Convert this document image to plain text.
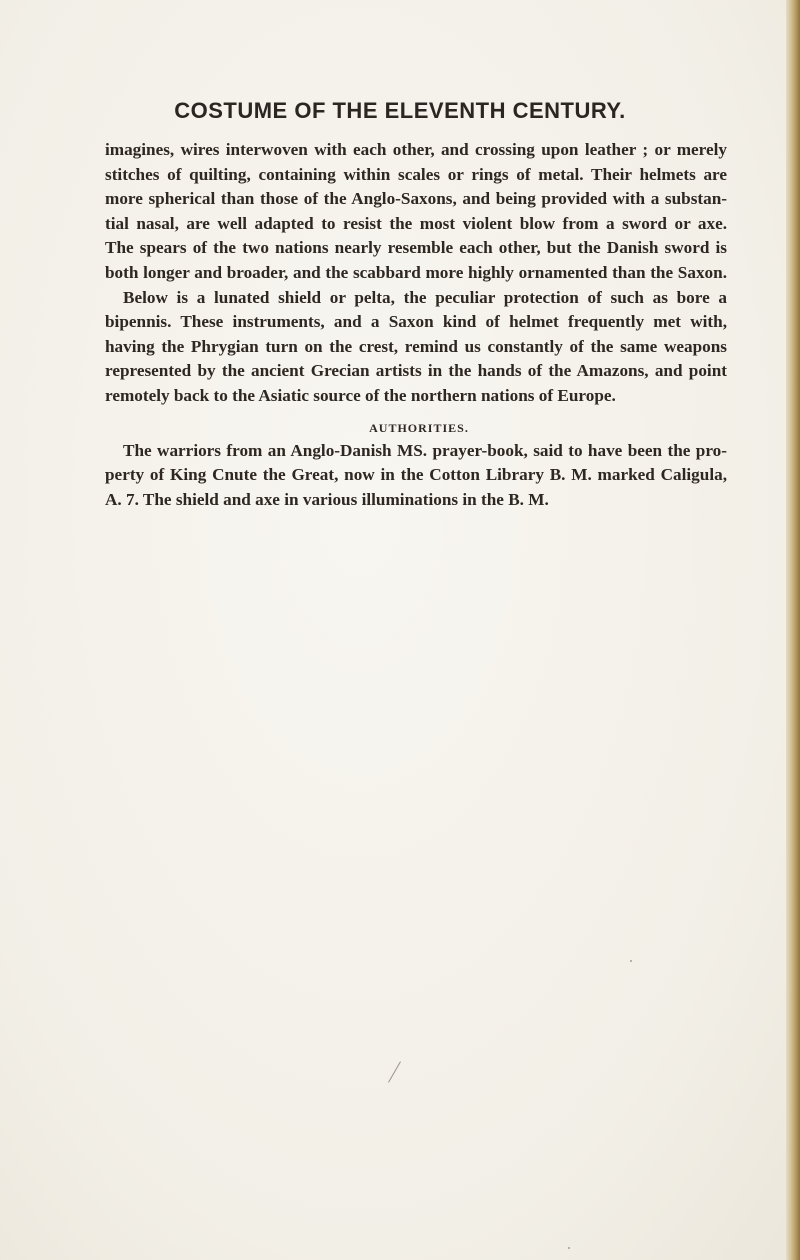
COSTUME OF THE ELEVENTH CENTURY.
imagines, wires interwoven with each other, and crossing upon leather ; or merely
stitches of quilting, containing within scales or rings of metal. Their helmets are
more spherical than those of the Anglo-Saxons, and being provided with a substan-
tial nasal, are well adapted to resist the most violent blow from a sword or axe.
The spears of the two nations nearly resemble each other, but the Danish sword is
both longer and broader, and the scabbard more highly ornamented than the Saxon.
Below is a lunated shield or pelta, the peculiar protection of such as bore a
bipennis. These instruments, and a Saxon kind of helmet frequently met with,
having the Phrygian turn on the crest, remind us constantly of the same weapons
represented by the ancient Grecian artists in the hands of the Amazons, and point
remotely back to the Asiatic source of the northern nations of Europe.
AUTHORITIES.
The warriors from an Anglo-Danish MS. prayer-book, said to have been the pro-
perty of King Cnute the Great, now in the Cotton Library B. M. marked Caligula,
A. 7. The shield and axe in various illuminations in the B. M.
